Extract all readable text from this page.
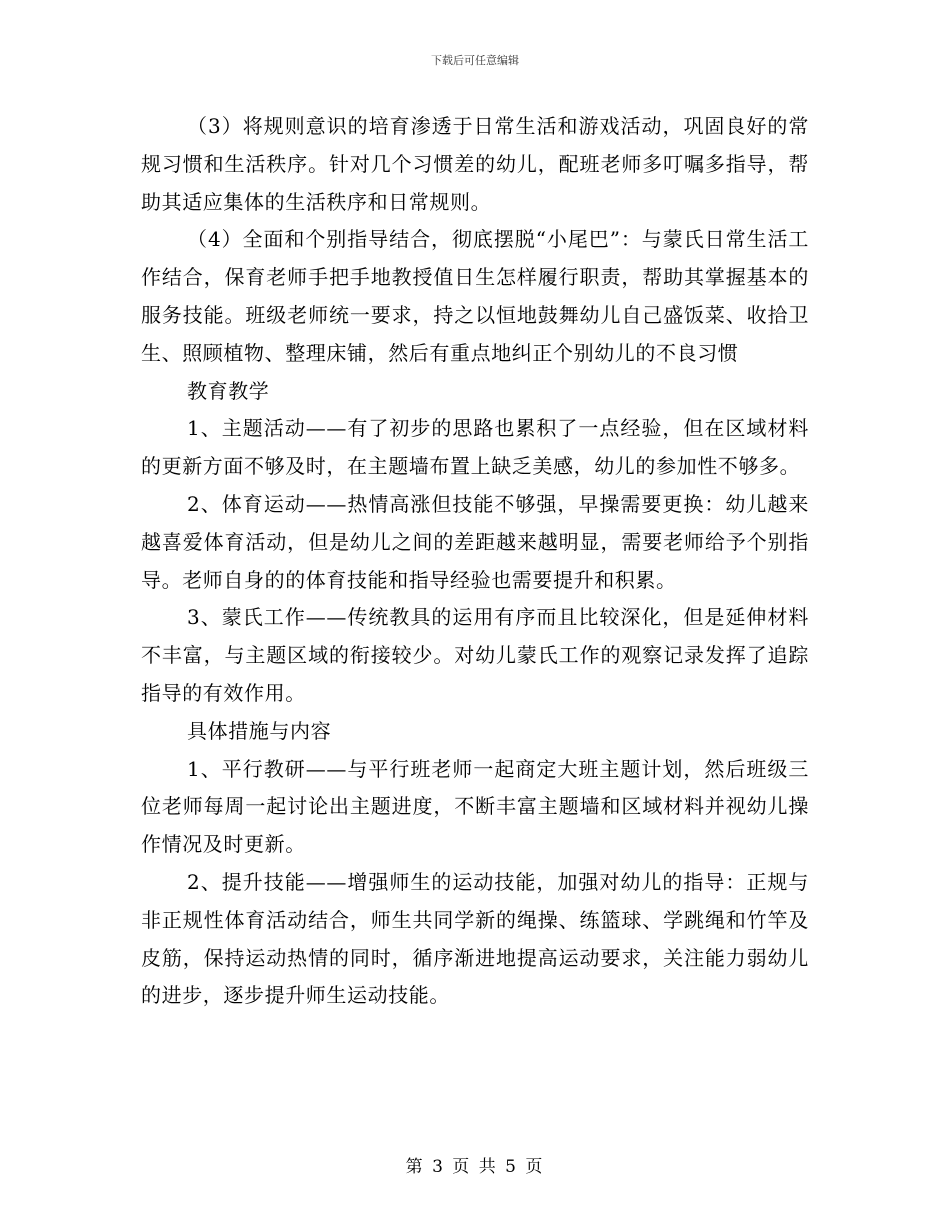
下载后可任意编辑

（3）将规则意识的培育渗透于日常生活和游戏活动，巩固良好的常规习惯和生活秩序。针对几个习惯差的幼儿，配班老师多叮嘱多指导，帮助其适应集体的生活秩序和日常规则。

（4）全面和个别指导结合，彻底摆脱“小尾巴”：与蒙氏日常生活工作结合，保育老师手把手地教授值日生怎样履行职责，帮助其掌握基本的服务技能。班级老师统一要求，持之以恒地鼓舞幼儿自己盛饭菜、收拾卫生、照顾植物、整理床铺，然后有重点地纠正个别幼儿的不良习惯

教育教学

1、主题活动——有了初步的思路也累积了一点经验，但在区域材料的更新方面不够及时，在主题墙布置上缺乏美感，幼儿的参加性不够多。

2、体育运动——热情高涨但技能不够强，早操需要更换：幼儿越来越喜爱体育活动，但是幼儿之间的差距越来越明显，需要老师给予个别指导。老师自身的的体育技能和指导经验也需要提升和积累。

3、蒙氏工作——传统教具的运用有序而且比较深化，但是延伸材料不丰富，与主题区域的衔接较少。对幼儿蒙氏工作的观察记录发挥了追踪指导的有效作用。

具体措施与内容

1、平行教研——与平行班老师一起商定大班主题计划，然后班级三位老师每周一起讨论出主题进度，不断丰富主题墙和区域材料并视幼儿操作情况及时更新。

2、提升技能——增强师生的运动技能，加强对幼儿的指导：正规与非正规性体育活动结合，师生共同学新的绳操、练篮球、学跳绳和竹竿及皮筋，保持运动热情的同时，循序渐进地提高运动要求，关注能力弱幼儿的进步，逐步提升师生运动技能。

第 3 页 共 5 页
